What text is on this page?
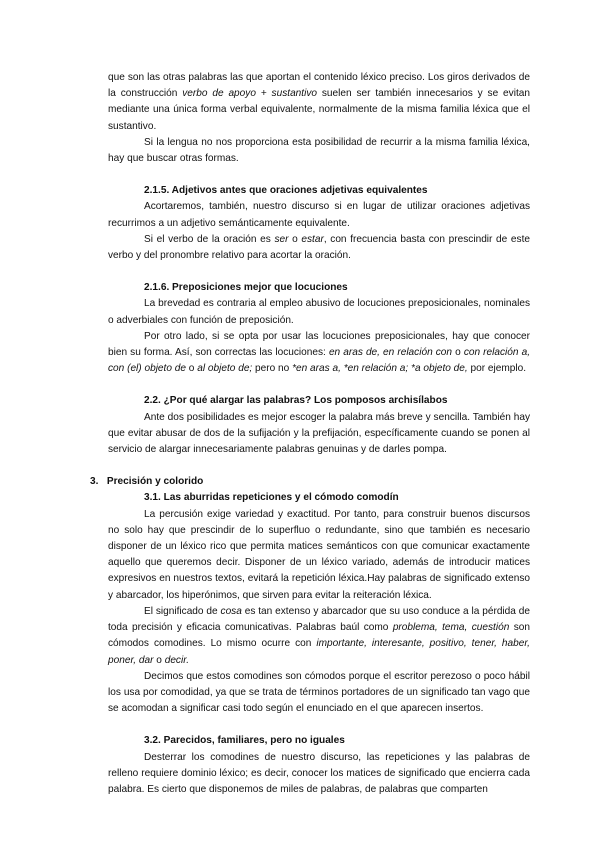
que son las otras palabras las que aportan el contenido léxico preciso. Los giros derivados de la construcción verbo de apoyo + sustantivo suelen ser también innecesarios y se evitan mediante una única forma verbal equivalente, normalmente de la misma familia léxica que el sustantivo.

Si la lengua no nos proporciona esta posibilidad de recurrir a la misma familia léxica, hay que buscar otras formas.

2.1.5. Adjetivos antes que oraciones adjetivas equivalentes

Acortaremos, también, nuestro discurso si en lugar de utilizar oraciones adjetivas recurrimos a un adjetivo semánticamente equivalente.

Si el verbo de la oración es ser o estar, con frecuencia basta con prescindir de este verbo y del pronombre relativo para acortar la oración.

2.1.6. Preposiciones mejor que locuciones

La brevedad es contraria al empleo abusivo de locuciones preposicionales, nominales o adverbiales con función de preposición.

Por otro lado, si se opta por usar las locuciones preposicionales, hay que conocer bien su forma. Así, son correctas las locuciones: en aras de, en relación con o con relación a, con (el) objeto de o al objeto de; pero no *en aras a, *en relación a; *a objeto de, por ejemplo.

2.2. ¿Por qué alargar las palabras? Los pomposos archisílabos

Ante dos posibilidades es mejor escoger la palabra más breve y sencilla. También hay que evitar abusar de dos de la sufijación y la prefijación, específicamente cuando se ponen al servicio de alargar innecesariamente palabras genuinas y de darles pompa.

3.   Precisión y colorido
3.1. Las aburridas repeticiones y el cómodo comodín

La percusión exige variedad y exactitud. Por tanto, para construir buenos discursos no solo hay que prescindir de lo superfluo o redundante, sino que también es necesario disponer de un léxico rico que permita matices semánticos con que comunicar exactamente aquello que queremos decir. Disponer de un léxico variado, además de introducir matices expresivos en nuestros textos, evitará la repetición léxica.Hay palabras de significado extenso y abarcador, los hiperónimos, que sirven para evitar la reiteración léxica.

El significado de cosa es tan extenso y abarcador que su uso conduce a la pérdida de toda precisión y eficacia comunicativas. Palabras baúl como problema, tema, cuestión son cómodos comodines. Lo mismo ocurre con importante, interesante, positivo, tener, haber, poner, dar o decir.

Decimos que estos comodines son cómodos porque el escritor perezoso o poco hábil los usa por comodidad, ya que se trata de términos portadores de un significado tan vago que se acomodan a significar casi todo según el enunciado en el que aparecen insertos.

3.2. Parecidos, familiares, pero no iguales

Desterrar los comodines de nuestro discurso, las repeticiones y las palabras de relleno requiere dominio léxico; es decir, conocer los matices de significado que encierra cada palabra. Es cierto que disponemos de miles de palabras, de palabras que comparten
